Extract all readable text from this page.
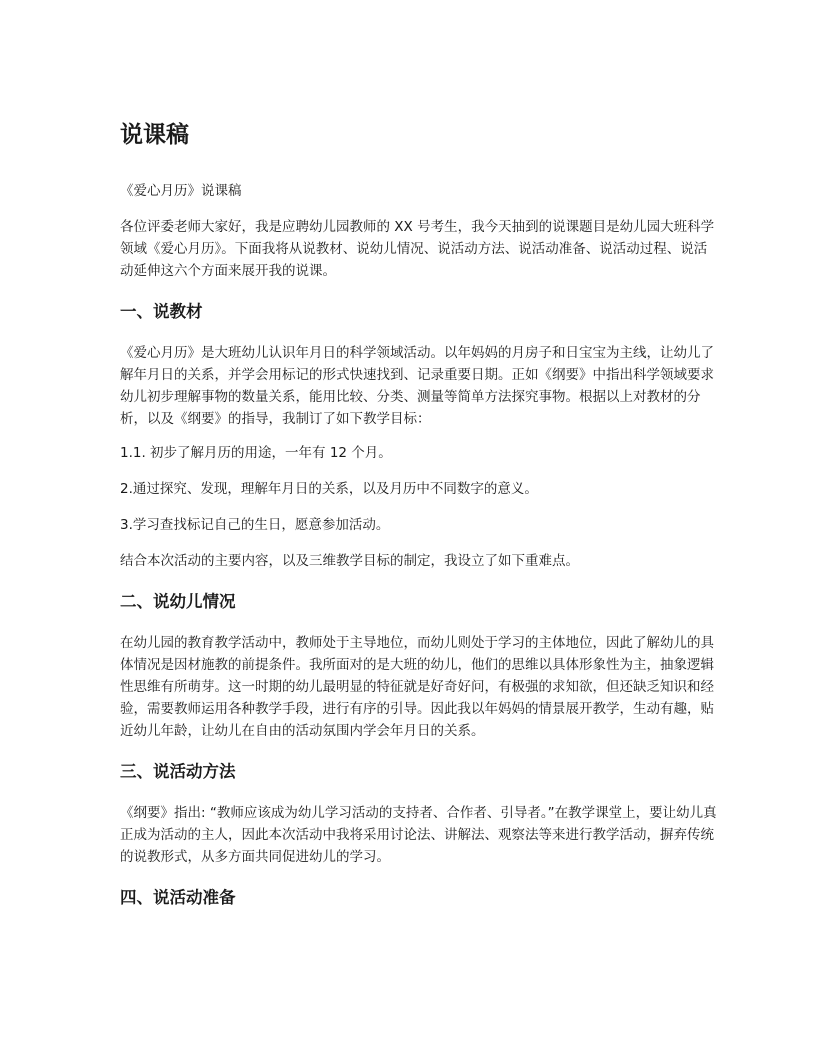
说课稿
《爱心月历》说课稿

各位评委老师大家好，我是应聘幼儿园教师的 XX 号考生，我今天抽到的说课题目是幼儿园大班科学领域《爱心月历》。下面我将从说教材、说幼儿情况、说活动方法、说活动准备、说活动过程、说活动延伸这六个方面来展开我的说课。

一、说教材

《爱心月历》是大班幼儿认识年月日的科学领域活动。以年妈妈的月房子和日宝宝为主线，让幼儿了解年月日的关系，并学会用标记的形式快速找到、记录重要日期。正如《纲要》中指出科学领域要求幼儿初步理解事物的数量关系，能用比较、分类、测量等简单方法探究事物。根据以上对教材的分析，以及《纲要》的指导，我制订了如下教学目标：

1.1. 初步了解月历的用途，一年有 12 个月。
2.通过探究、发现，理解年月日的关系，以及月历中不同数字的意义。
3.学习查找标记自己的生日，愿意参加活动。

结合本次活动的主要内容，以及三维教学目标的制定，我设立了如下重难点。

二、说幼儿情况

在幼儿园的教育教学活动中，教师处于主导地位，而幼儿则处于学习的主体地位，因此了解幼儿的具体情况是因材施教的前提条件。我所面对的是大班的幼儿，他们的思维以具体形象性为主，抽象逻辑性思维有所萌芽。这一时期的幼儿最明显的特征就是好奇好问，有极强的求知欲，但还缺乏知识和经验，需要教师运用各种教学手段，进行有序的引导。因此我以年妈妈的情景展开教学，生动有趣，贴近幼儿年龄，让幼儿在自由的活动氛围内学会年月日的关系。

三、说活动方法

《纲要》指出: “教师应该成为幼儿学习活动的支持者、合作者、引导者。”在教学课堂上，要让幼儿真正成为活动的主人，因此本次活动中我将采用讨论法、讲解法、观察法等来进行教学活动，摒弃传统的说教形式，从多方面共同促进幼儿的学习。

四、说活动准备
